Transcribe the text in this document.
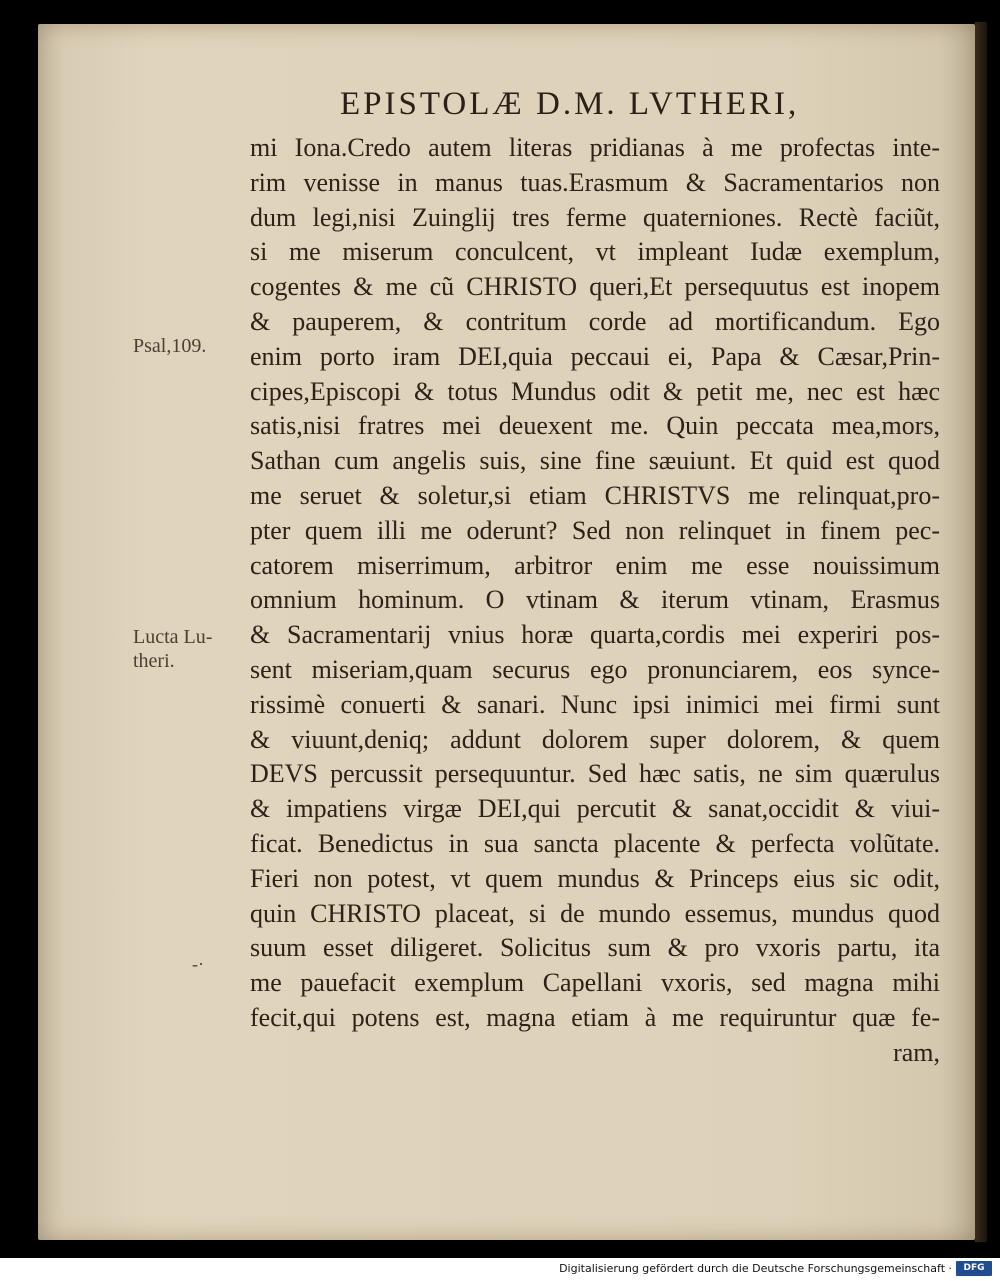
EPISTOLÆ D.M. LVTHERI,
Psal,109.
Lucta Lu-
theri.
-·
mi Iona.Credo autem literas pridianas à me profectas inte-
rim venisse in manus tuas.Erasmum & Sacramentarios non
dum legi,nisi Zuinglij tres ferme quaterniones. Rectè faciũt,
si me miserum conculcent, vt impleant Iudæ exemplum,
cogentes & me cũ CHRISTO queri,Et persequutus est inopem
& pauperem, & contritum corde ad mortificandum. Ego
enim porto iram DEI,quia peccaui ei, Papa & Cæsar,Prin-
cipes,Episcopi & totus Mundus odit & petit me, nec est hæc
satis,nisi fratres mei deuexent me. Quin peccata mea,mors,
Sathan cum angelis suis, sine fine sæuiunt. Et quid est quod
me seruet & soletur,si etiam CHRISTVS me relinquat,pro-
pter quem illi me oderunt? Sed non relinquet in finem pec-
catorem miserrimum, arbitror enim me esse nouissimum
omnium hominum. O vtinam & iterum vtinam, Erasmus
& Sacramentarij vnius horæ quarta,cordis mei experiri pos-
sent miseriam,quam securus ego pronunciarem, eos synce-
rissimè conuerti & sanari. Nunc ipsi inimici mei firmi sunt
& viuunt,deniq; addunt dolorem super dolorem, & quem
DEVS percussit persequuntur. Sed hæc satis, ne sim quærulus
& impatiens virgæ DEI,qui percutit & sanat,occidit & viui-
ficat. Benedictus in sua sancta placente & perfecta volũtate.
Fieri non potest, vt quem mundus & Princeps eius sic odit,
quin CHRISTO placeat, si de mundo essemus, mundus quod
suum esset diligeret. Solicitus sum & pro vxoris partu, ita
me pauefacit exemplum Capellani vxoris, sed magna mihi
fecit,qui potens est, magna etiam à me requiruntur quæ fe-
ram,
Digitalisierung gefördert durch die Deutsche Forschungsgemeinschaft ·	DFG
